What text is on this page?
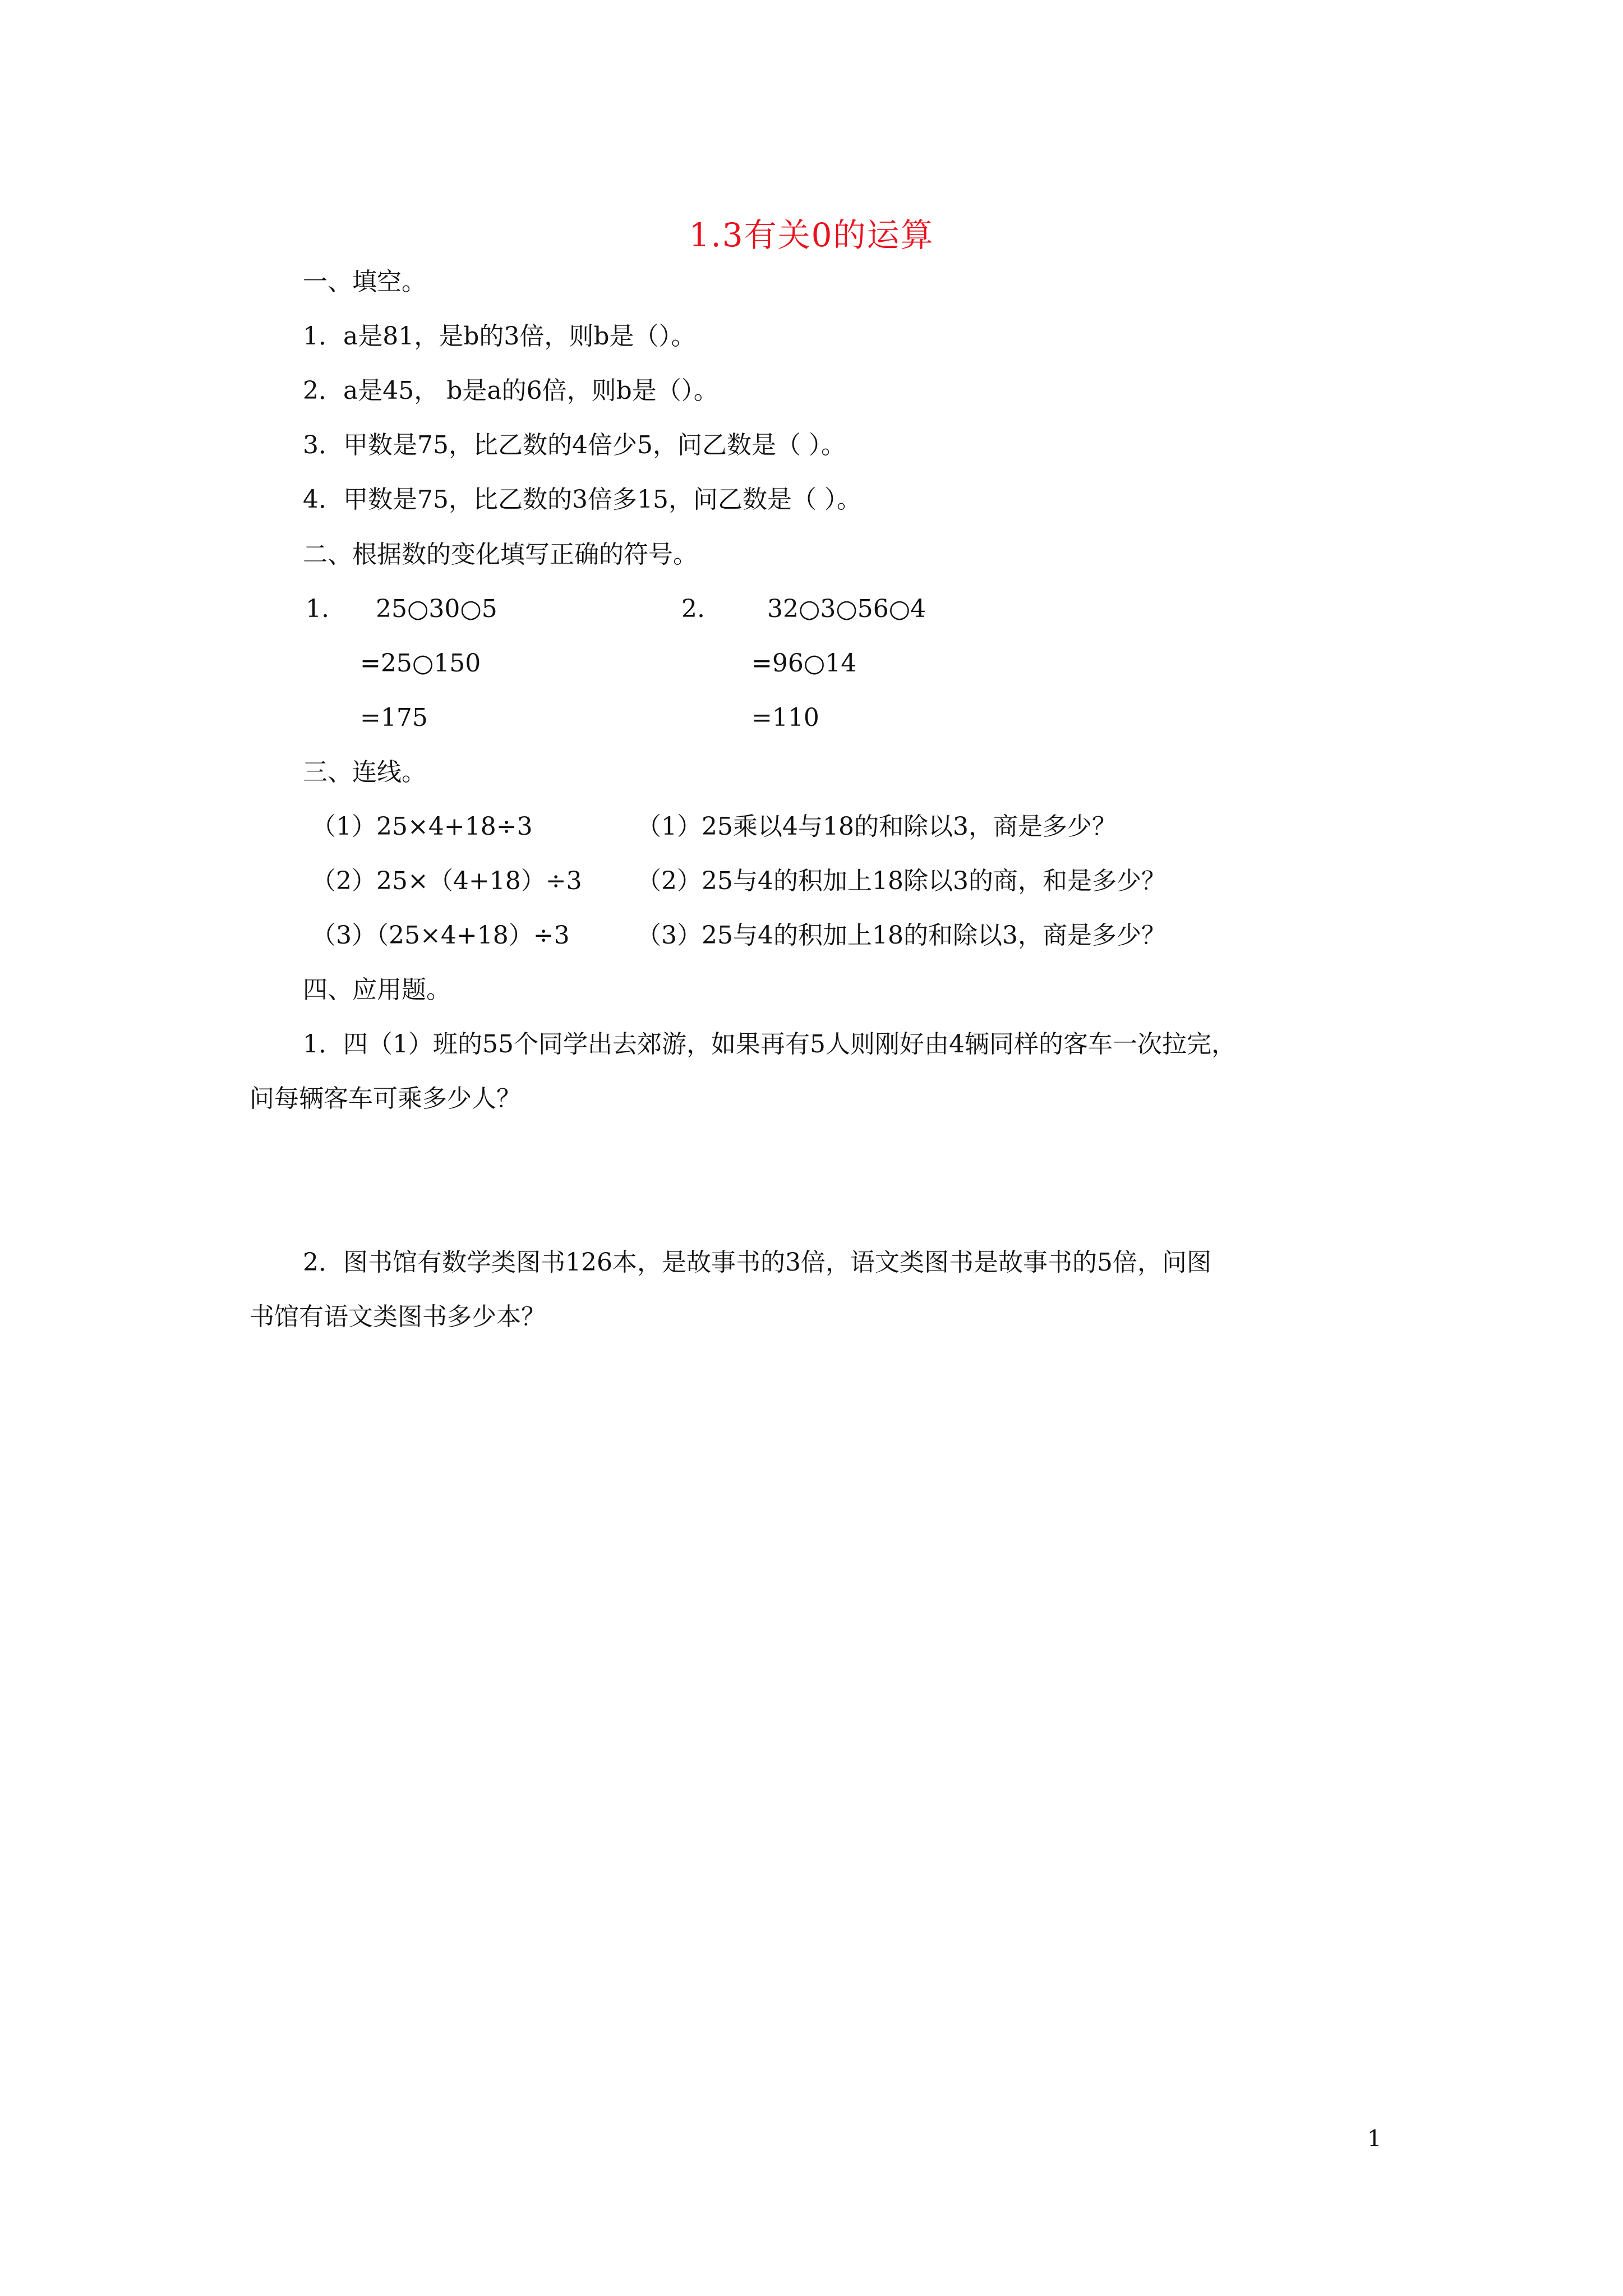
1.3有关0的运算
一、填空。
1．a是81，是b的3倍，则b是（）。
2．a是45， b是a的6倍，则b是（）。
3．甲数是75，比乙数的4倍少5，问乙数是（ ）。
4．甲数是75，比乙数的3倍多15，问乙数是（ ）。
二、根据数的变化填写正确的符号。
1. 25○30○5
=25○150
=175
2.	32○3○56○4
=96○14
=110
三、连线。
（1）25×4+18÷3
（2）25×（4+18）÷3
（3）（25×4+18）÷3
（1）25乘以4与18的和除以3，商是多少？
（2）25与4的积加上18除以3的商，和是多少？
（3）25与4的积加上18的和除以3，商是多少？
四、应用题。
1．四（1）班的55个同学出去郊游，如果再有5人则刚好由4辆同样的客车一次拉完，
问每辆客车可乘多少人？
2．图书馆有数学类图书126本，是故事书的3倍，语文类图书是故事书的5倍，问图
书馆有语文类图书多少本？
1
